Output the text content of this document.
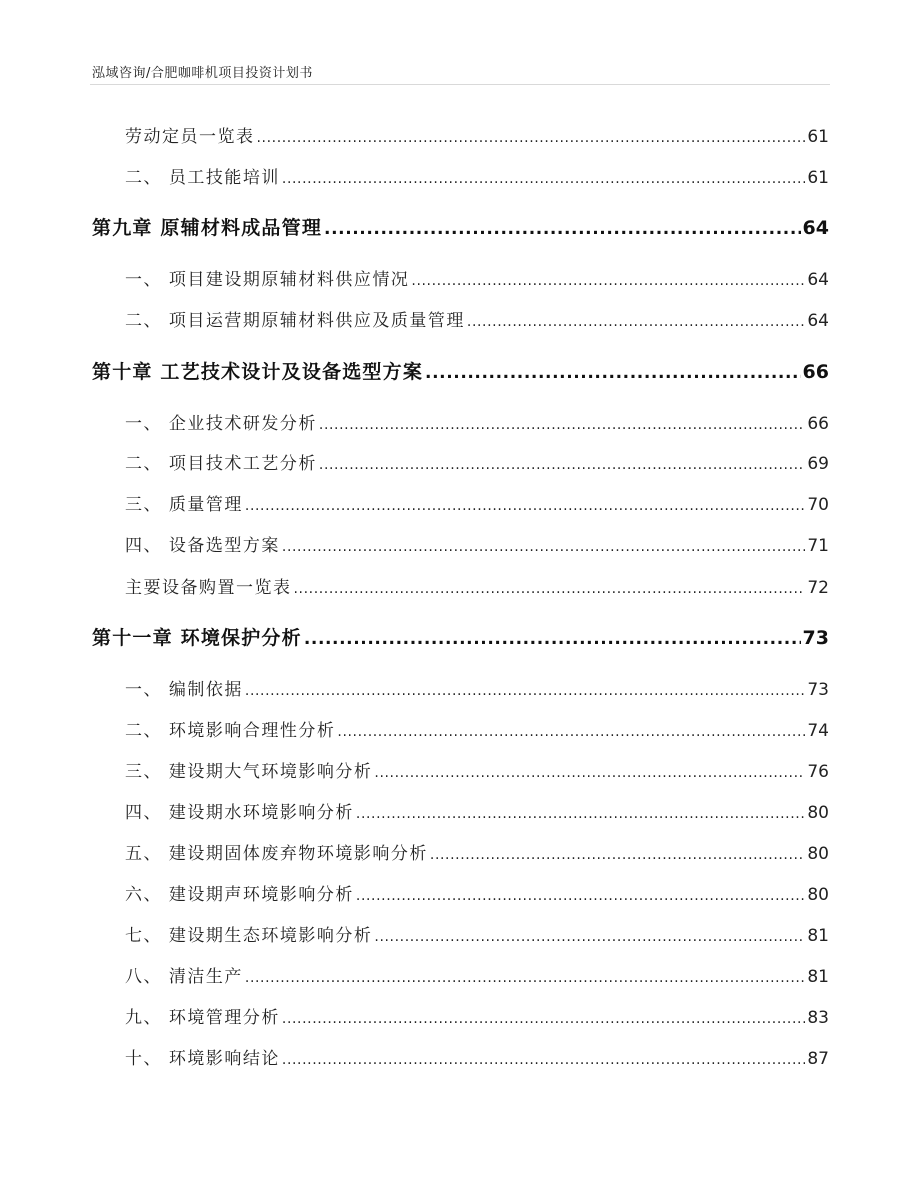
泓域咨询/合肥咖啡机项目投资计划书
劳动定员一览表 .....	61
二、 员工技能培训 .....	61
第九章 原辅材料成品管理 .....	64
一、 项目建设期原辅材料供应情况 .....	64
二、 项目运营期原辅材料供应及质量管理 .....	64
第十章 工艺技术设计及设备选型方案 .....	66
一、 企业技术研发分析 .....	66
二、 项目技术工艺分析 .....	69
三、 质量管理 .....	70
四、 设备选型方案 .....	71
主要设备购置一览表 .....	72
第十一章 环境保护分析 .....	73
一、 编制依据 .....	73
二、 环境影响合理性分析 .....	74
三、 建设期大气环境影响分析 .....	76
四、 建设期水环境影响分析 .....	80
五、 建设期固体废弃物环境影响分析 .....	80
六、 建设期声环境影响分析 .....	80
七、 建设期生态环境影响分析 .....	81
八、 清洁生产 .....	81
九、 环境管理分析 .....	83
十、 环境影响结论 .....	87
